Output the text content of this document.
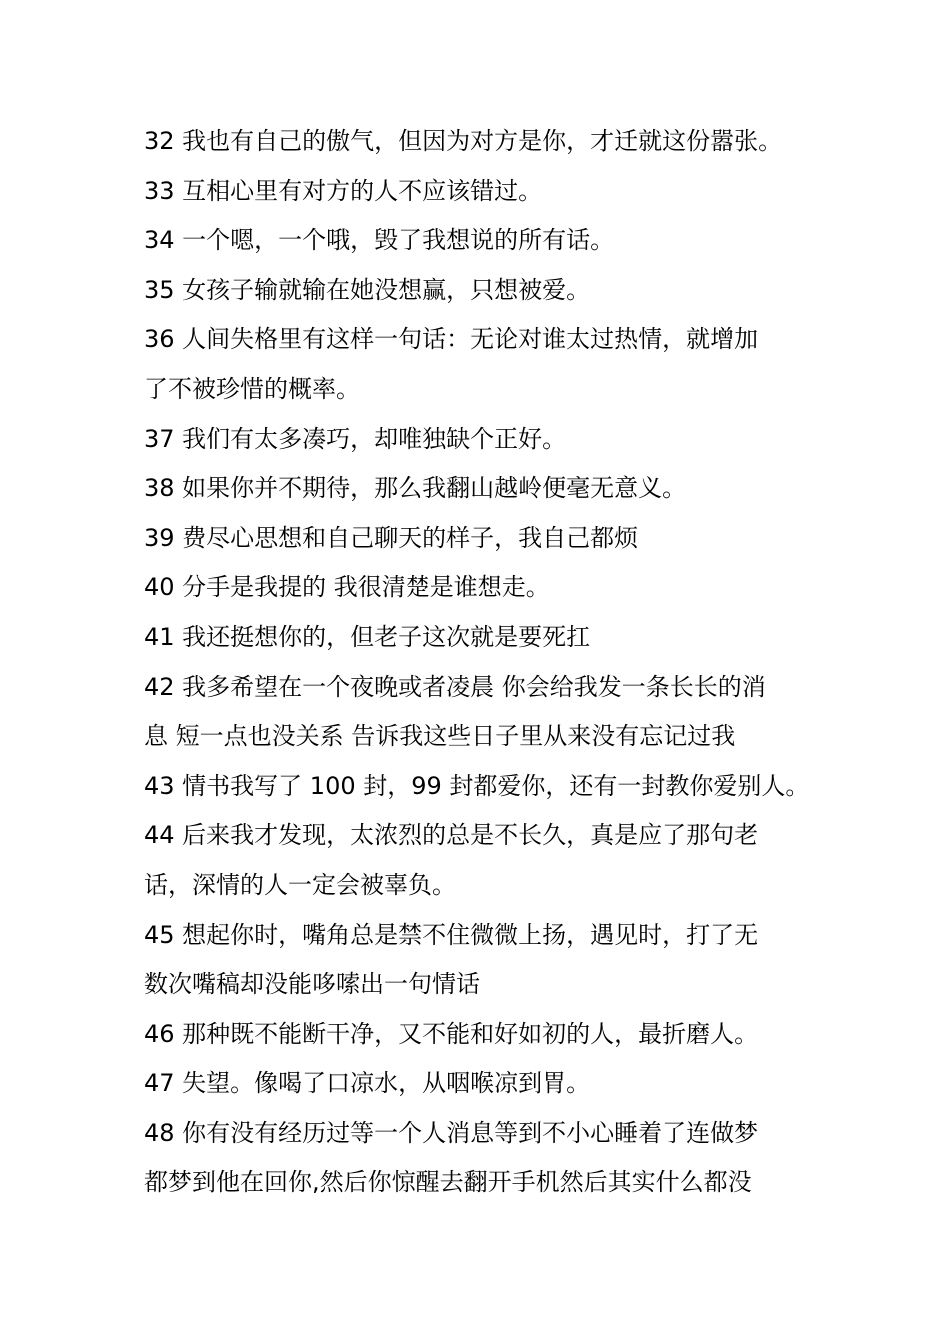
32 我也有自己的傲气，但因为对方是你，才迁就这份嚣张。
33 互相心里有对方的人不应该错过。
34 一个嗯，一个哦，毁了我想说的所有话。
35 女孩子输就输在她没想赢，只想被爱。
36 人间失格里有这样一句话：无论对谁太过热情，就增加
了不被珍惜的概率。
37 我们有太多凑巧，却唯独缺个正好。
38 如果你并不期待，那么我翻山越岭便毫无意义。
39 费尽心思想和自己聊天的样子，我自己都烦
40 分手是我提的 我很清楚是谁想走。
41 我还挺想你的，但老子这次就是要死扛
42 我多希望在一个夜晚或者凌晨 你会给我发一条长长的消
息 短一点也没关系 告诉我这些日子里从来没有忘记过我
43 情书我写了 100 封，99 封都爱你，还有一封教你爱别人。
44 后来我才发现，太浓烈的总是不长久，真是应了那句老
话，深情的人一定会被辜负。
45 想起你时，嘴角总是禁不住微微上扬，遇见时，打了无
数次嘴稿却没能哆嗦出一句情话
46 那种既不能断干净，又不能和好如初的人，最折磨人。
47 失望。像喝了口凉水，从咽喉凉到胃。
48 你有没有经历过等一个人消息等到不小心睡着了连做梦
都梦到他在回你,然后你惊醒去翻开手机然后其实什么都没
